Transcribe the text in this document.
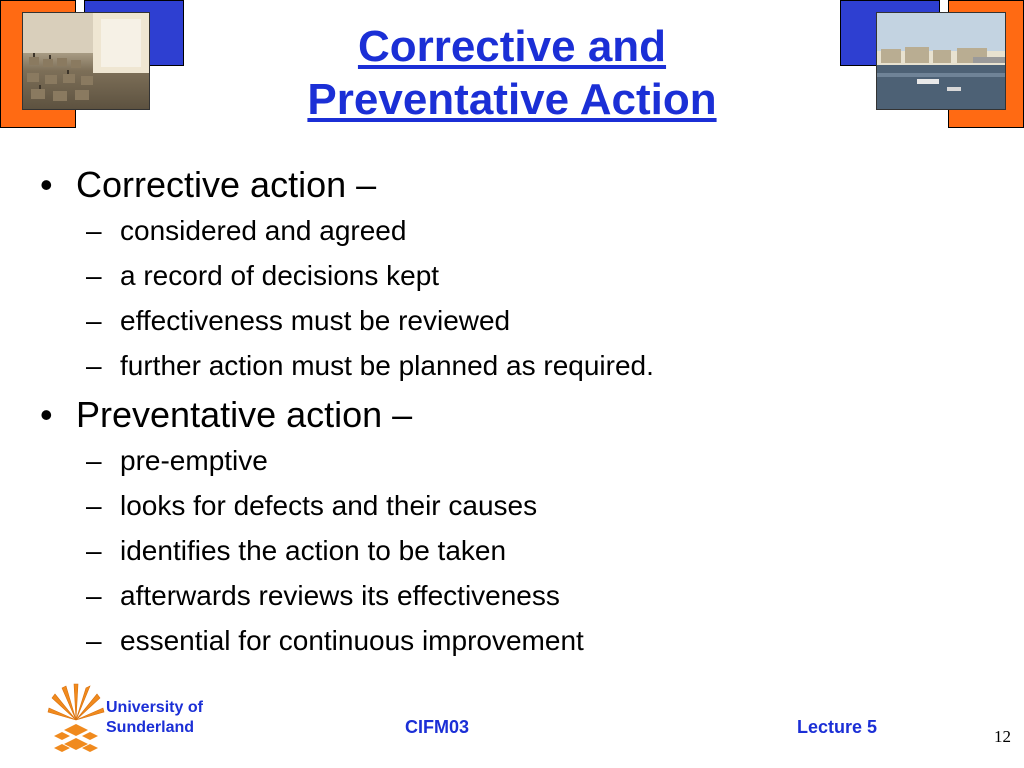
Corrective and
Preventative Action
• Corrective action –
– considered and agreed
– a record of decisions kept
– effectiveness must be reviewed
– further action must be planned as required.
• Preventative action –
– pre-emptive
– looks for defects and their causes
– identifies the action to be taken
– afterwards reviews its effectiveness
– essential for continuous improvement
University of
Sunderland	CIFM03	Lecture 5	12
